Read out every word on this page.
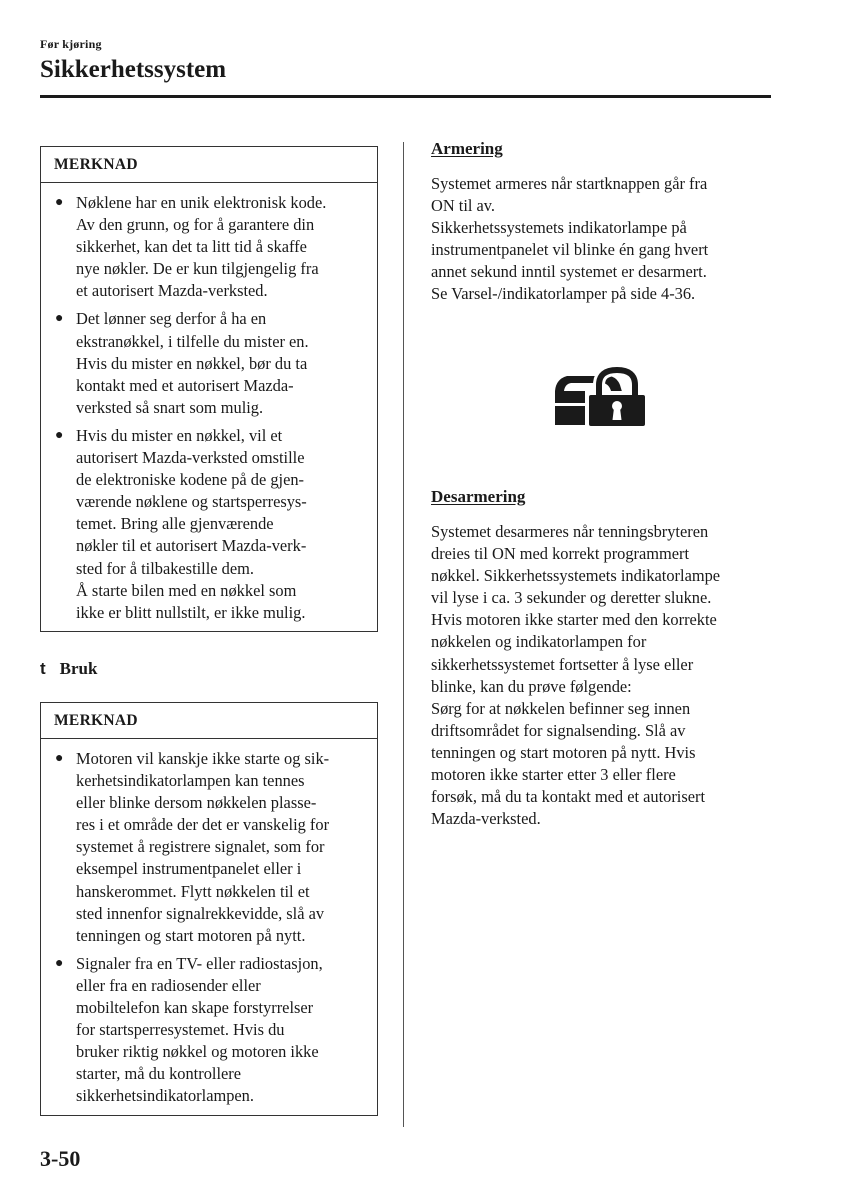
Før kjøring
Sikkerhetssystem
MERKNAD
● Nøklene har en unik elektronisk kode.
Av den grunn, og for å garantere din
sikkerhet, kan det ta litt tid å skaffe
nye nøkler. De er kun tilgjengelig fra
et autorisert Mazda-verksted.
● Det lønner seg derfor å ha en
ekstranøkkel, i tilfelle du mister en.
Hvis du mister en nøkkel, bør du ta
kontakt med et autorisert Mazda-
verksted så snart som mulig.
● Hvis du mister en nøkkel, vil et
autorisert Mazda-verksted omstille
de elektroniske kodene på de gjen-
værende nøklene og startsperresys-
temet. Bring alle gjenværende
nøkler til et autorisert Mazda-verk-
sted for å tilbakestille dem.
Å starte bilen med en nøkkel som
ikke er blitt nullstilt, er ikke mulig.
t Bruk
MERKNAD
● Motoren vil kanskje ikke starte og sik-
kerhetsindikatorlampen kan tennes
eller blinke dersom nøkkelen plasse-
res i et område der det er vanskelig for
systemet å registrere signalet, som for
eksempel instrumentpanelet eller i
hanskerommet. Flytt nøkkelen til et
sted innenfor signalrekkevidde, slå av
tenningen og start motoren på nytt.
● Signaler fra en TV- eller radiostasjon,
eller fra en radiosender eller
mobiltelefon kan skape forstyrrelser
for startsperresystemet. Hvis du
bruker riktig nøkkel og motoren ikke
starter, må du kontrollere
sikkerhetsindikatorlampen.
Armering

Systemet armeres når startknappen går fra
ON til av.
Sikkerhetssystemets indikatorlampe på
instrumentpanelet vil blinke én gang hvert
annet sekund inntil systemet er desarmert.
Se Varsel-/indikatorlamper på side 4-36.

Desarmering

Systemet desarmeres når tenningsbryteren
dreies til ON med korrekt programmert
nøkkel. Sikkerhetssystemets indikatorlampe
vil lyse i ca. 3 sekunder og deretter slukne.
Hvis motoren ikke starter med den korrekte
nøkkelen og indikatorlampen for
sikkerhetssystemet fortsetter å lyse eller
blinke, kan du prøve følgende:
Sørg for at nøkkelen befinner seg innen
driftsområdet for signalsending. Slå av
tenningen og start motoren på nytt. Hvis
motoren ikke starter etter 3 eller flere
forsøk, må du ta kontakt med et autorisert
Mazda-verksted.

3-50
